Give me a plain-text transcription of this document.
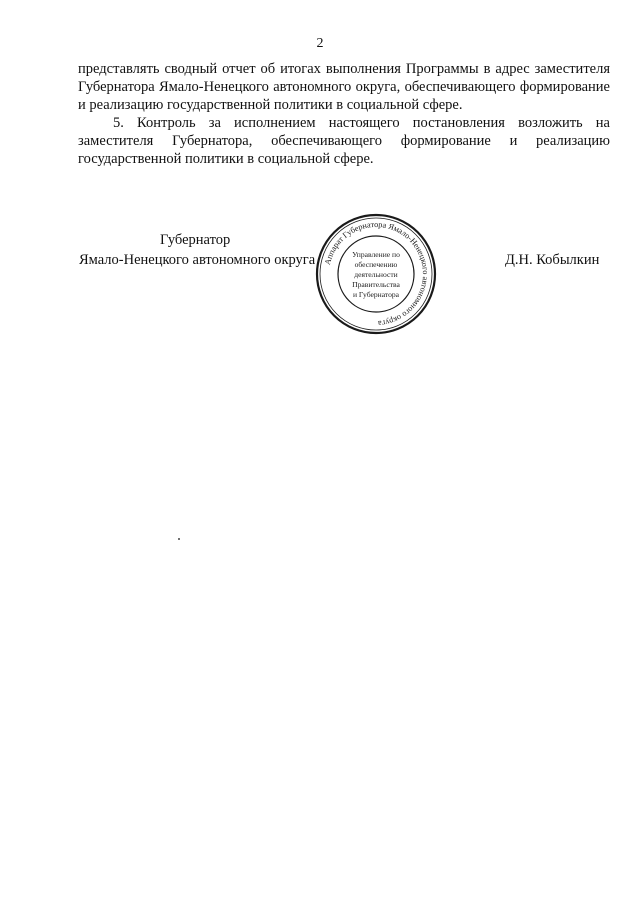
2

представлять сводный отчет об итогах выполнения Программы в адрес заместителя Губернатора Ямало-Ненецкого автономного округа, обеспечивающего формирование и реализацию государственной политики в социальной сфере.

5. Контроль за исполнением настоящего постановления возложить на заместителя Губернатора, обеспечивающего формирование и реализацию государственной политики в социальной сфере.

Губернатор
Ямало-Ненецкого автономного округа	Д.Н. Кобылкин
Аппарат Губернатора Ямало-Ненецкого автономного округа
Управление по
обеспечению
деятельности
Правительства
и Губернатора
